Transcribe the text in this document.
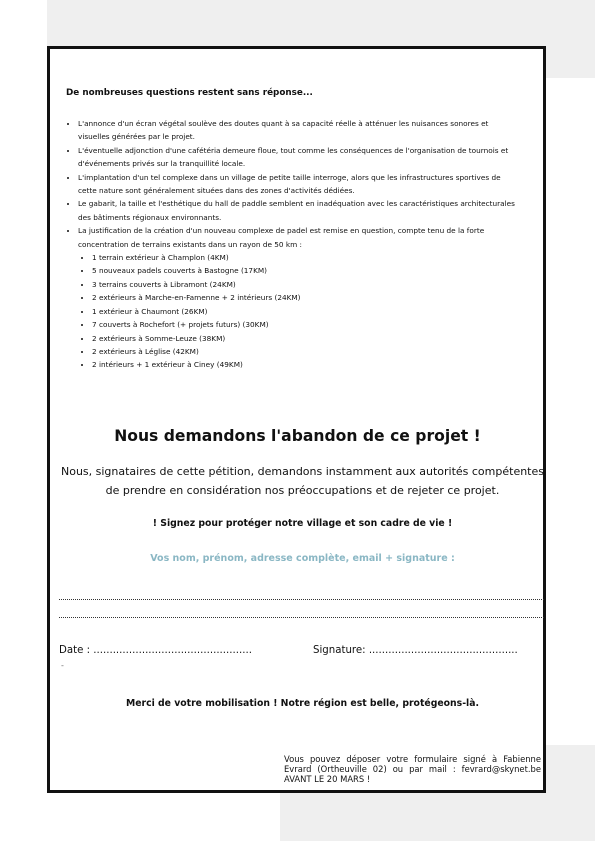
De nombreuses questions restent sans réponse...

• L'annonce d'un écran végétal soulève des doutes quant à sa capacité réelle à atténuer les nuisances sonores et visuelles générées par le projet.
• L'éventuelle adjonction d'une cafétéria demeure floue, tout comme les conséquences de l'organisation de tournois et d'événements privés sur la tranquillité locale.
• L'implantation d'un tel complexe dans un village de petite taille interroge, alors que les infrastructures sportives de cette nature sont généralement situées dans des zones d'activités dédiées.
• Le gabarit, la taille et l'esthétique du hall de paddle semblent en inadéquation avec les caractéristiques architecturales des bâtiments régionaux environnants.
• La justification de la création d'un nouveau complexe de padel est remise en question, compte tenu de la forte concentration de terrains existants dans un rayon de 50 km :
• 1 terrain extérieur à Champlon (4KM)
• 5 nouveaux padels couverts à Bastogne (17KM)
• 3 terrains couverts à Libramont (24KM)
• 2 extérieurs à Marche-en-Famenne + 2 intérieurs (24KM)
• 1 extérieur à Chaumont (26KM)
• 7 couverts à Rochefort (+ projets futurs) (30KM)
• 2 extérieurs à Somme-Leuze (38KM)
• 2 extérieurs à Léglise (42KM)
• 2 intérieurs + 1 extérieur à Ciney (49KM)
Nous demandons l'abandon de ce projet !

Nous, signataires de cette pétition, demandons instamment aux autorités compétentes de prendre en considération nos préoccupations et de rejeter ce projet.

! Signez pour protéger notre village et son cadre de vie !

Vos nom, prénom, adresse complète, email + signature :

Date : .................................................	Signature: ..............................................

-

Merci de votre mobilisation ! Notre région est belle, protégeons-là.

Vous pouvez déposer votre formulaire signé à Fabienne Evrard (Ortheuville 02) ou par mail : fevrard@skynet.be AVANT LE 20 MARS !
